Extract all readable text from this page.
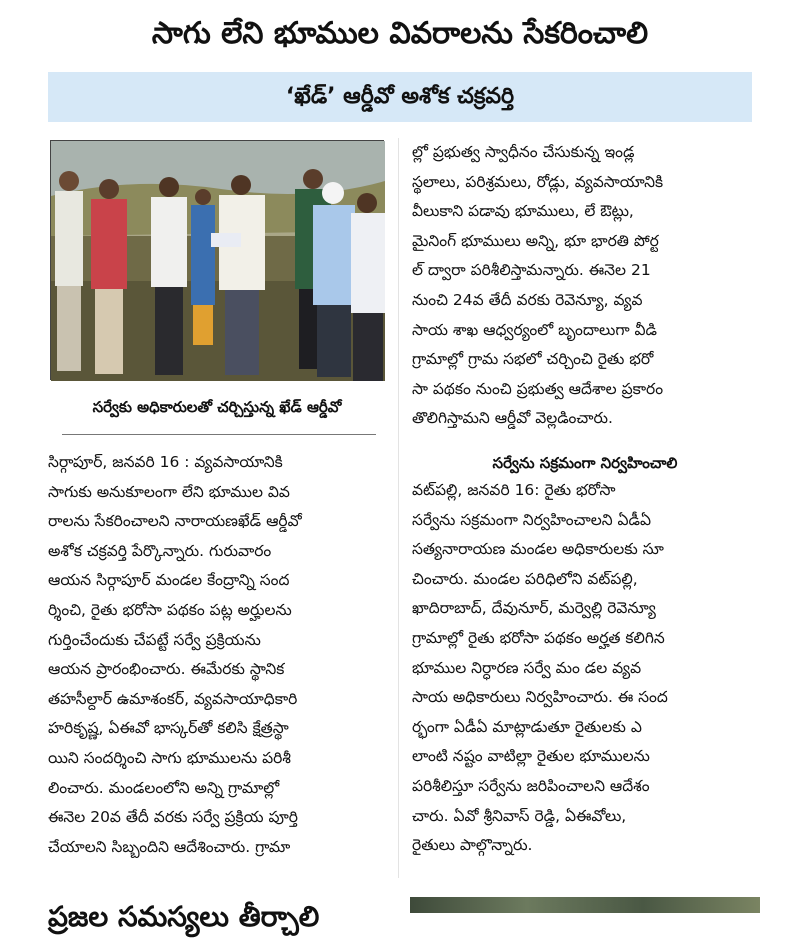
సాగు లేని భూముల వివరాలను సేకరించాలి
‘ఖేడ్’ ఆర్డీవో అశోక చక్రవర్తి
సర్వేకు అధికారులతో చర్చిస్తున్న ఖేడ్ ఆర్డీవో
సిర్గాపూర్, జనవరి 16 : వ్యవసాయానికి
సాగుకు అనుకూలంగా లేని భూముల వివ
రాలను సేకరించాలని నారాయణఖేడ్ ఆర్డీవో
అశోక చక్రవర్తి పేర్కొన్నారు. గురువారం
ఆయన సిర్గాపూర్ మండల కేంద్రాన్ని సంద
ర్శించి, రైతు భరోసా పథకం పట్ల అర్హులను
గుర్తించేందుకు చేపట్టే సర్వే ప్రక్రియను
ఆయన ప్రారంభించారు. ఈమేరకు స్థానిక
తహసీల్దార్ ఉమాశంకర్, వ్యవసాయాధికారి
హరికృష్ణ, ఏఈవో భాస్కర్‌తో కలిసి క్షేత్రస్థా
యిని సందర్శించి సాగు భూములను పరిశీ
లించారు. మండలంలోని అన్ని గ్రామాల్లో
ఈనెల 20వ తేదీ వరకు సర్వే ప్రక్రియ పూర్తి
చేయాలని సిబ్బందిని ఆదేశించారు. గ్రామా
ల్లో ప్రభుత్వ స్వాధీనం చేసుకున్న ఇండ్ల
స్థలాలు, పరిశ్రమలు, రోడ్లు, వ్యవసాయానికి
వీలుకాని పడావు భూములు, లే ఔట్లు,
మైనింగ్ భూములు అన్ని, భూ భారతి పోర్ట
ల్ ద్వారా పరిశీలిస్తామన్నారు. ఈనెల 21
నుంచి 24వ తేదీ వరకు రెవెన్యూ, వ్యవ
సాయ శాఖ ఆధ్వర్యంలో బృందాలుగా వీడి
గ్రామాల్లో గ్రామ సభలో చర్చించి రైతు భరో
సా పథకం నుంచి ప్రభుత్వ ఆదేశాల ప్రకారం
తొలిగిస్తామని ఆర్డీవో వెల్లడించారు.
సర్వేను సక్రమంగా నిర్వహించాలి
వట్‌పల్లి, జనవరి 16: రైతు భరోసా
సర్వేను సక్రమంగా నిర్వహించాలని ఏడీఏ
సత్యనారాయణ మండల అధికారులకు సూ
చించారు. మండల పరిధిలోని వట్‌పల్లి,
ఖాదిరాబాద్, దేవునూర్, మర్వెల్లి రెవెన్యూ
గ్రామాల్లో రైతు భరోసా పథకం అర్హత కలిగిన
భూముల నిర్ధారణ సర్వే మం డల వ్యవ
సాయ అధికారులు నిర్వహించారు. ఈ సంద
ర్భంగా ఏడీఏ మాట్లాడుతూ రైతులకు ఎ
లాంటి నష్టం వాటిల్లా రైతుల భూములను
పరిశీలిస్తూ సర్వేను జరిపించాలని ఆదేశం
చారు. ఏవో శ్రీనివాస్ రెడ్డి, ఏఈవోలు,
రైతులు పాల్గొన్నారు.
ప్రజల సమస్యలు తీర్చాలి
